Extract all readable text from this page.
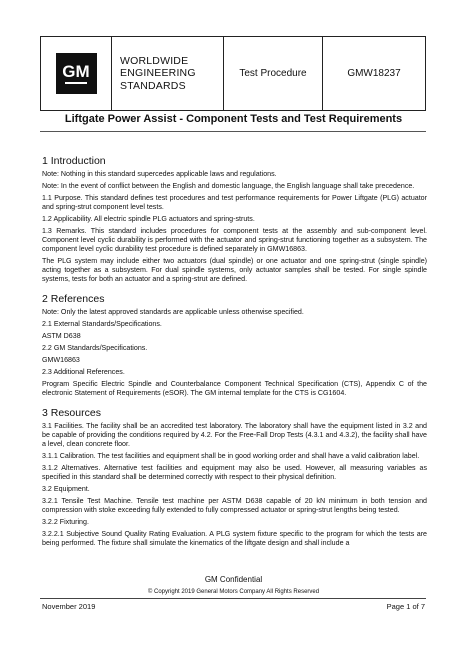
GM
WORLDWIDE
ENGINEERING
STANDARDS
Test Procedure	GMW18237
Liftgate Power Assist - Component Tests and Test Requirements
1 Introduction

Note: Nothing in this standard supercedes applicable laws and regulations.

Note: In the event of conflict between the English and domestic language, the English language shall take precedence.

1.1 Purpose. This standard defines test procedures and test performance requirements for Power Liftgate (PLG) actuator and spring-strut component level tests.

1.2 Applicability. All electric spindle PLG actuators and spring-struts.

1.3 Remarks. This standard includes procedures for component tests at the assembly and sub-component level. Component level cyclic durability is performed with the actuator and spring-strut functioning together as a subsystem. The component level cyclic durability test procedure is defined separately in GMW16863.

The PLG system may include either two actuators (dual spindle) or one actuator and one spring-strut (single spindle) acting together as a subsystem. For dual spindle systems, only actuator samples shall be tested. For single spindle systems, tests for both an actuator and a spring-strut are defined.

2 References

Note: Only the latest approved standards are applicable unless otherwise specified.

2.1 External Standards/Specifications.

ASTM D638

2.2 GM Standards/Specifications.

GMW16863

2.3 Additional References.

Program Specific Electric Spindle and Counterbalance Component Technical Specification (CTS), Appendix C of the electronic Statement of Requirements (eSOR). The GM internal template for the CTS is CG1604.

3 Resources

3.1 Facilities. The facility shall be an accredited test laboratory. The laboratory shall have the equipment listed in 3.2 and be capable of providing the conditions required by 4.2. For the Free-Fall Drop Tests (4.3.1 and 4.3.2), the facility shall have a level, clean concrete floor.

3.1.1 Calibration. The test facilities and equipment shall be in good working order and shall have a valid calibration label.

3.1.2 Alternatives. Alternative test facilities and equipment may also be used. However, all measuring variables as specified in this standard shall be determined correctly with respect to their physical definition.

3.2 Equipment.

3.2.1 Tensile Test Machine. Tensile test machine per ASTM D638 capable of 20 kN minimum in both tension and compression with stoke exceeding fully extended to fully compressed actuator or spring-strut lengths being tested.

3.2.2 Fixturing.

3.2.2.1 Subjective Sound Quality Rating Evaluation. A PLG system fixture specific to the program for which the tests are being performed. The fixture shall simulate the kinematics of the liftgate design and shall include a

GM Confidential
© Copyright 2019 General Motors Company All Rights Reserved
November 2019	Page 1 of 7
